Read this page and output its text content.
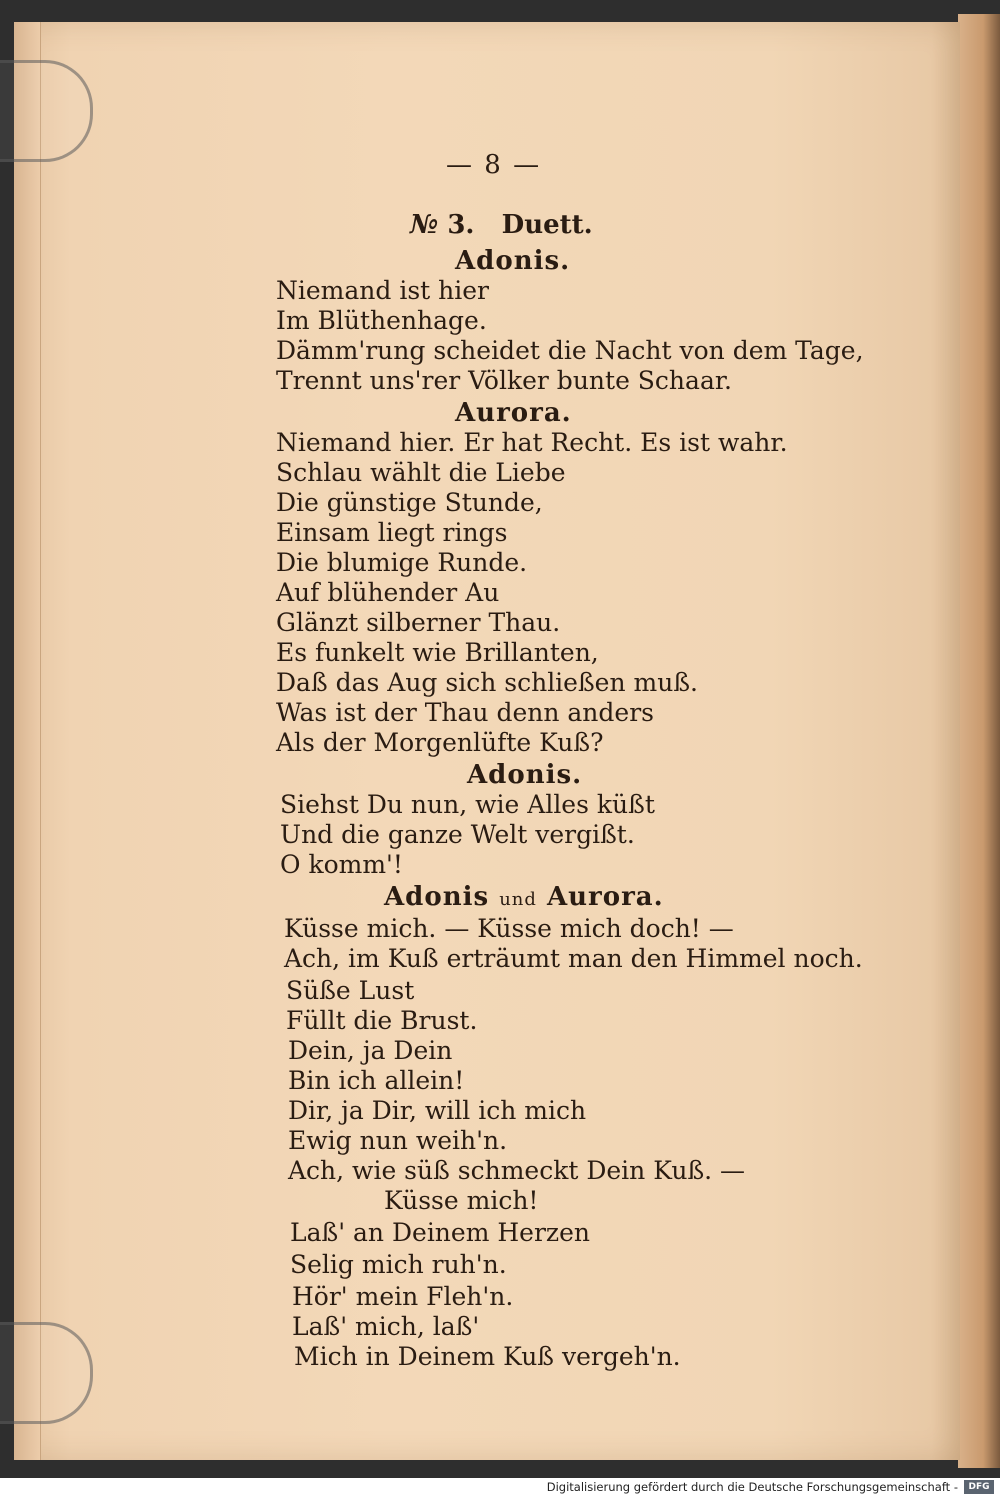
— 8 —
№ 3. Duett.
Adonis.
Niemand ist hier
Im Blüthenhage.
Dämm'rung scheidet die Nacht von dem Tage,
Trennt uns'rer Völker bunte Schaar.
Aurora.
Niemand hier. Er hat Recht. Es ist wahr.
Schlau wählt die Liebe
Die günstige Stunde,
Einsam liegt rings
Die blumige Runde.
Auf blühender Au
Glänzt silberner Thau.
Es funkelt wie Brillanten,
Daß das Aug sich schließen muß.
Was ist der Thau denn anders
Als der Morgenlüfte Kuß?
Adonis.
Siehst Du nun, wie Alles küßt
Und die ganze Welt vergißt.
O komm'!
Adonis und Aurora.
Küsse mich. — Küsse mich doch! —
Ach, im Kuß erträumt man den Himmel noch.
Süße Lust
Füllt die Brust.
Dein, ja Dein
Bin ich allein!
Dir, ja Dir, will ich mich
Ewig nun weih'n.
Ach, wie süß schmeckt Dein Kuß. —
Küsse mich!
Laß' an Deinem Herzen
Selig mich ruh'n.
Hör' mein Fleh'n.
Laß' mich, laß'
Mich in Deinem Kuß vergeh'n.
Digitalisierung gefördert durch die Deutsche Forschungsgemeinschaft -	DFG
